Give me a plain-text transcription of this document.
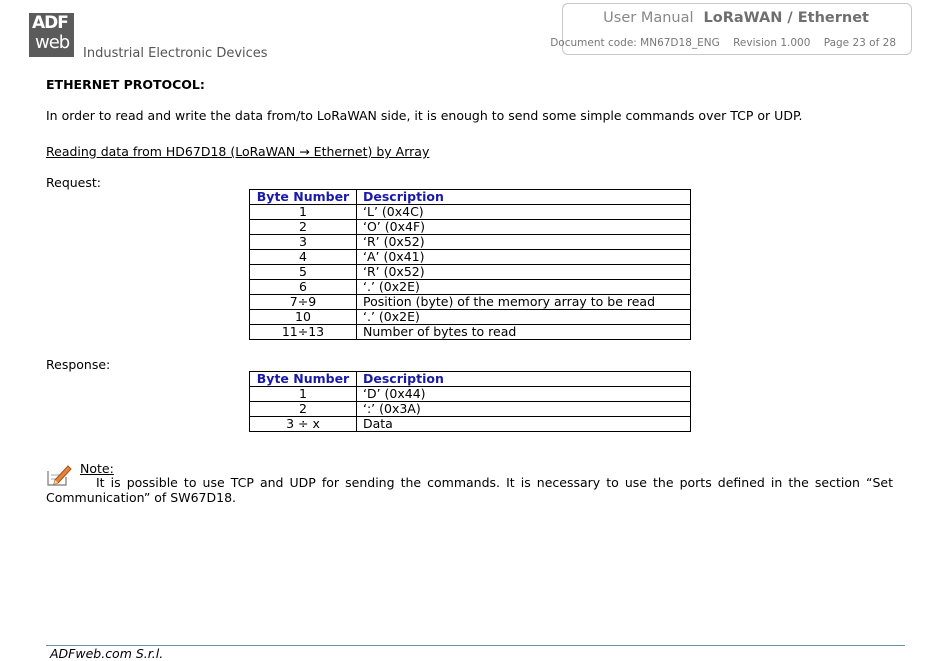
ADF
web
Industrial Electronic Devices
User Manual LoRaWAN / Ethernet
Document code: MN67D18_ENG Revision 1.000 Page 23 of 28
ETHERNET PROTOCOL:
In order to read and write the data from/to LoRaWAN side, it is enough to send some simple commands over TCP or UDP.
Reading data from HD67D18 (LoRaWAN → Ethernet) by Array
Request:
Byte Number	Description
1	‘L’ (0x4C)
2	‘O’ (0x4F)
3	‘R’ (0x52)
4	‘A’ (0x41)
5	‘R’ (0x52)
6	‘.’ (0x2E)
7÷9	Position (byte) of the memory array to be read
10	‘.’ (0x2E)
11÷13	Number of bytes to read
Response:
Byte Number	Description
1	‘D’ (0x44)
2	‘:’ (0x3A)
3 ÷ x	Data
Note:
It is possible to use TCP and UDP for sending the commands. It is necessary to use the ports defined in the section “Set Communication” of SW67D18.
ADFweb.com S.r.l.
